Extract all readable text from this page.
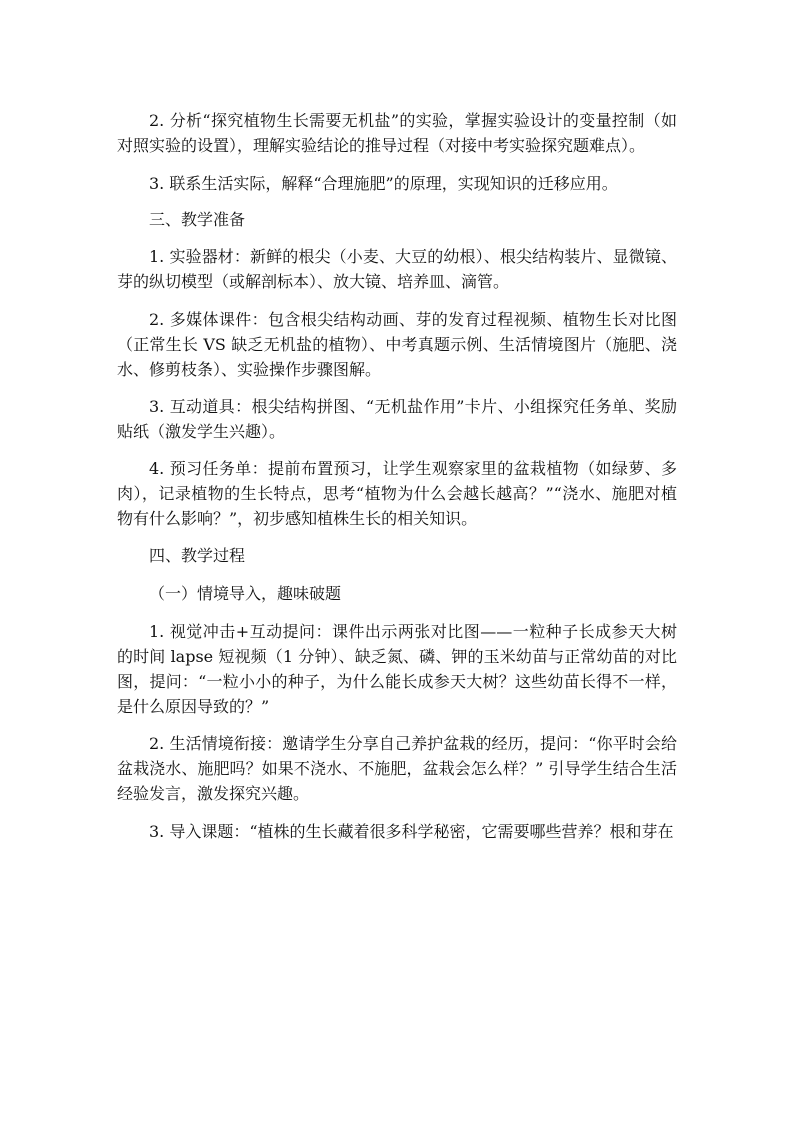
2. 分析“探究植物生长需要无机盐”的实验，掌握实验设计的变量控制（如对照实验的设置），理解实验结论的推导过程（对接中考实验探究题难点）。

3. 联系生活实际，解释“合理施肥”的原理，实现知识的迁移应用。

三、教学准备

1. 实验器材：新鲜的根尖（小麦、大豆的幼根）、根尖结构装片、显微镜、芽的纵切模型（或解剖标本）、放大镜、培养皿、滴管。

2. 多媒体课件：包含根尖结构动画、芽的发育过程视频、植物生长对比图（正常生长 VS 缺乏无机盐的植物）、中考真题示例、生活情境图片（施肥、浇水、修剪枝条）、实验操作步骤图解。

3. 互动道具：根尖结构拼图、“无机盐作用”卡片、小组探究任务单、奖励贴纸（激发学生兴趣）。

4. 预习任务单：提前布置预习，让学生观察家里的盆栽植物（如绿萝、多肉），记录植物的生长特点，思考“植物为什么会越长越高？”“浇水、施肥对植物有什么影响？”，初步感知植株生长的相关知识。

四、教学过程

（一）情境导入，趣味破题

1. 视觉冲击+互动提问：课件出示两张对比图——一粒种子长成参天大树的时间 lapse 短视频（1 分钟）、缺乏氮、磷、钾的玉米幼苗与正常幼苗的对比图，提问：“一粒小小的种子，为什么能长成参天大树？这些幼苗长得不一样，是什么原因导致的？”

2. 生活情境衔接：邀请学生分享自己养护盆栽的经历，提问：“你平时会给盆栽浇水、施肥吗？如果不浇水、不施肥，盆栽会怎么样？” 引导学生结合生活经验发言，激发探究兴趣。

3. 导入课题：“植株的生长藏着很多科学秘密，它需要哪些营养？根和芽在
